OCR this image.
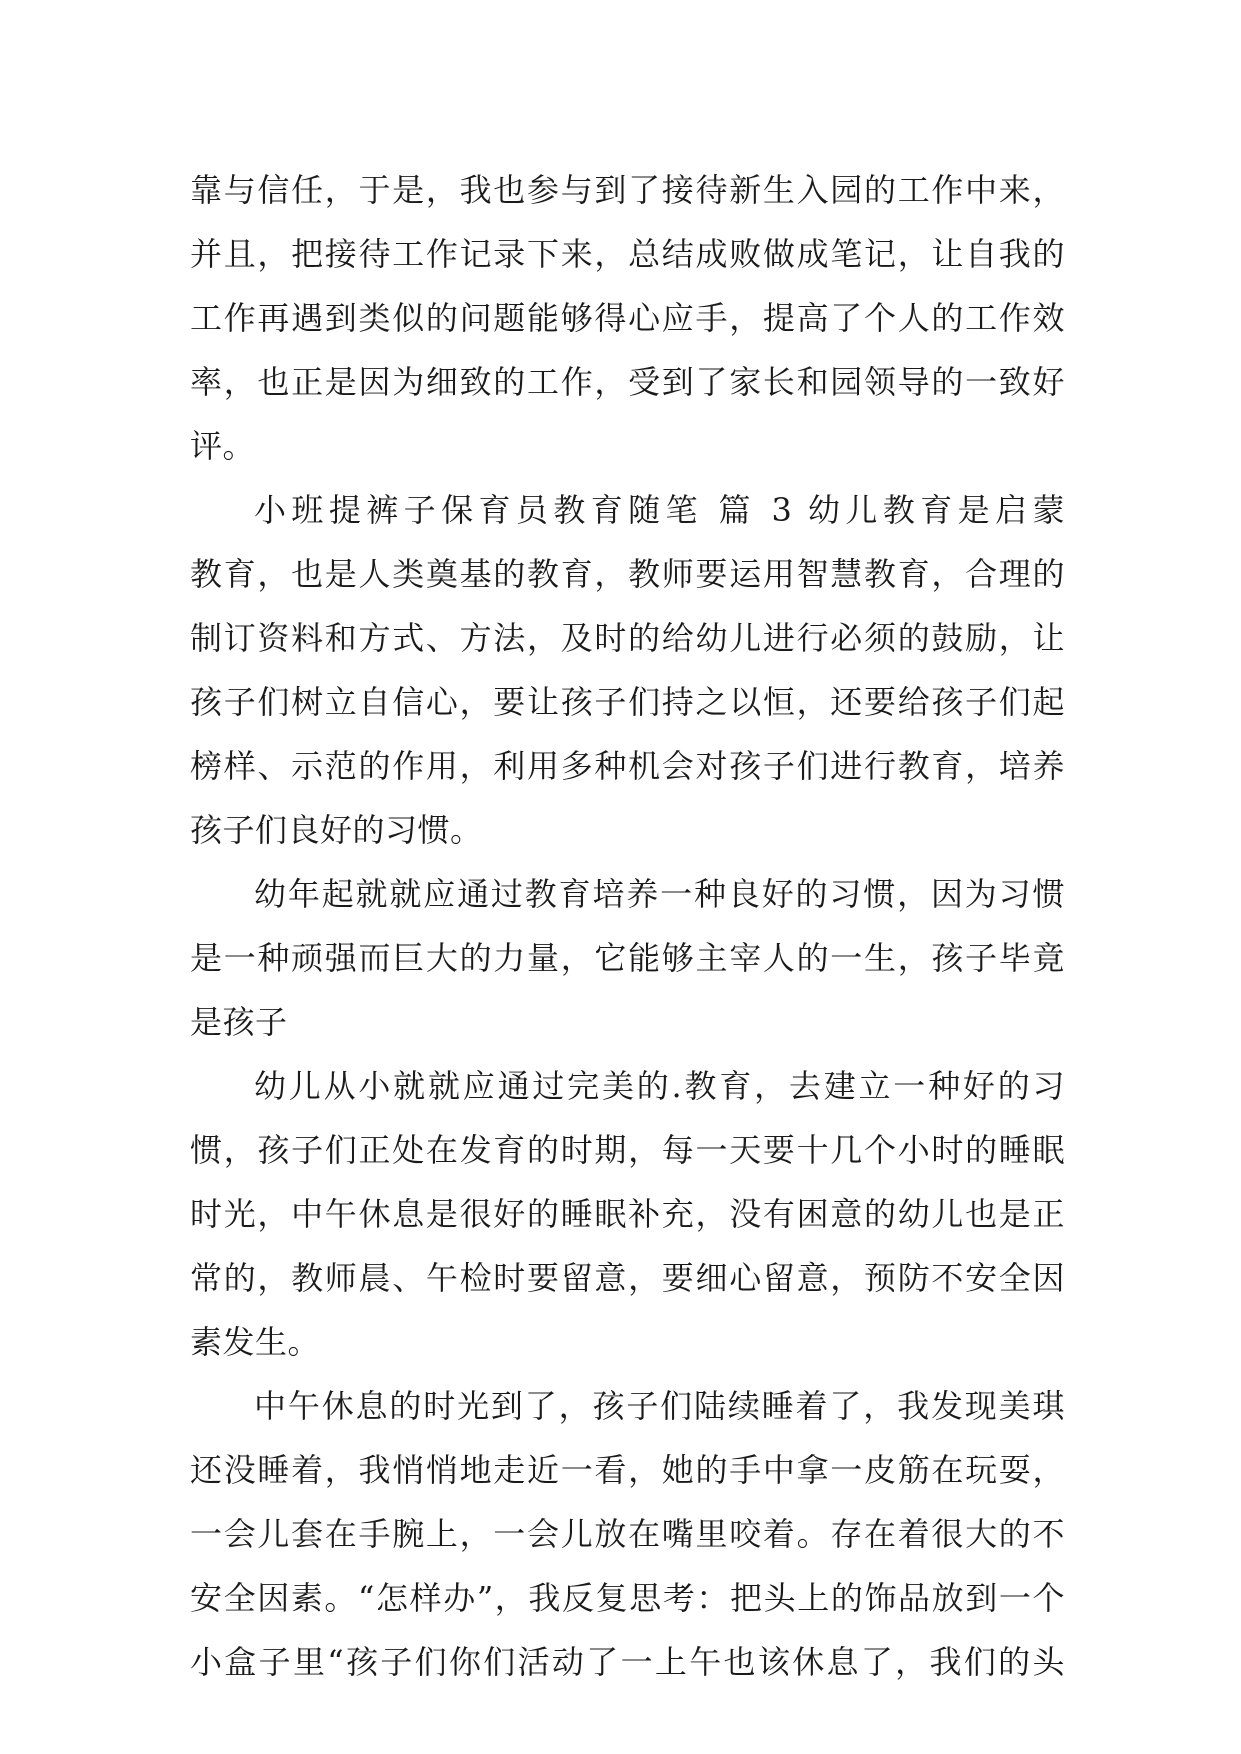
靠与信任，于是，我也参与到了接待新生入园的工作中来，
并且，把接待工作记录下来，总结成败做成笔记，让自我的
工作再遇到类似的问题能够得心应手，提高了个人的工作效
率，也正是因为细致的工作，受到了家长和园领导的一致好
评。
小班提裤子保育员教育随笔 篇 3 幼儿教育是启蒙
教育，也是人类奠基的教育，教师要运用智慧教育，合理的
制订资料和方式、方法，及时的给幼儿进行必须的鼓励，让
孩子们树立自信心，要让孩子们持之以恒，还要给孩子们起
榜样、示范的作用，利用多种机会对孩子们进行教育，培养
孩子们良好的习惯。
幼年起就就应通过教育培养一种良好的习惯，因为习惯
是一种顽强而巨大的力量，它能够主宰人的一生，孩子毕竟
是孩子
幼儿从小就就应通过完美的.教育，去建立一种好的习
惯，孩子们正处在发育的时期，每一天要十几个小时的睡眠
时光，中午休息是很好的睡眠补充，没有困意的幼儿也是正
常的，教师晨、午检时要留意，要细心留意，预防不安全因
素发生。
中午休息的时光到了，孩子们陆续睡着了，我发现美琪
还没睡着，我悄悄地走近一看，她的手中拿一皮筋在玩耍，
一会儿套在手腕上，一会儿放在嘴里咬着。存在着很大的不
安全因素。“怎样办”，我反复思考：把头上的饰品放到一个
小盒子里“孩子们你们活动了一上午也该休息了，我们的头
